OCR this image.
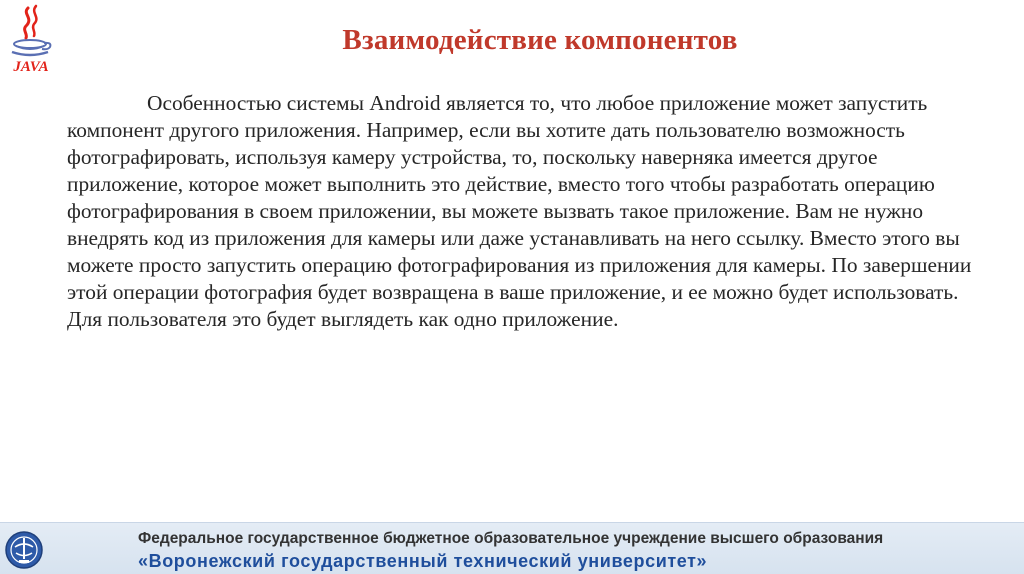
JAVA
Взаимодействие компонентов

Особенностью системы Android является то, что любое приложение может запустить компонент другого приложения. Например, если вы хотите дать пользователю возможность фотографировать, используя камеру устройства, то, поскольку наверняка имеется другое приложение, которое может выполнить это действие, вместо того чтобы разработать операцию фотографирования в своем приложении, вы можете вызвать такое приложение. Вам не нужно внедрять код из приложения для камеры или даже устанавливать на него ссылку. Вместо этого вы можете просто запустить операцию фотографирования из приложения для камеры. По завершении этой операции фотография будет возвращена в ваше приложение, и ее можно будет использовать. Для пользователя это будет выглядеть как одно приложение.

Федеральное государственное бюджетное образовательное учреждение высшего образования
«Воронежский государственный технический университет»
